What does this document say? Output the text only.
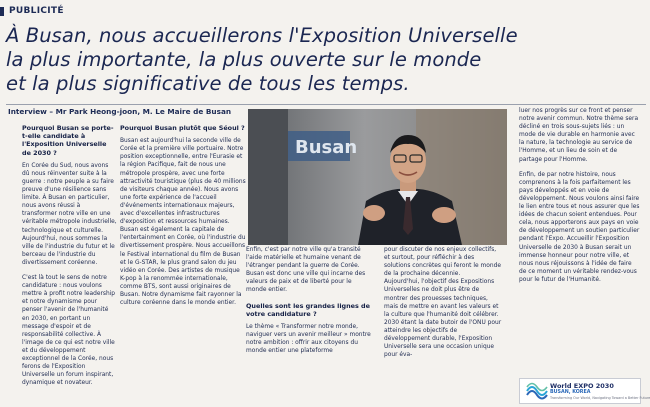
PUBLICITÉ
À Busan, nous accueillerons l'Exposition Universelle
la plus importante, la plus ouverte sur le monde
et la plus significative de tous les temps.
Interview – Mr Park Heong-joon, M. Le Maire de Busan

Pourquoi Busan se porte-t-elle candidate à l'Exposition Universelle de 2030 ?

En Corée du Sud, nous avons dû nous réinventer suite à la guerre : notre peuple a su faire preuve d'une résilience sans limite. À Busan en particulier, nous avons réussi à transformer notre ville en une véritable métropole industrielle, technologique et culturelle. Aujourd'hui, nous sommes la ville de l'industrie du futur et le berceau de l'industrie du divertissement coréenne.

C'est là tout le sens de notre candidature : nous voulons mettre à profit notre leadership et notre dynamisme pour penser l'avenir de l'humanité en 2030, en portant un message d'espoir et de responsabilité collective. À l'image de ce qui est notre ville et du développement exceptionnel de la Corée, nous ferons de l'Exposition Universelle un forum inspirant, dynamique et novateur.

Pourquoi Busan plutôt que Séoul ?

Busan est aujourd'hui la seconde ville de Corée et la première ville portuaire. Notre position exceptionnelle, entre l'Eurasie et la région Pacifique, fait de nous une métropole prospère, avec une forte attractivité touristique (plus de 40 millions de visiteurs chaque année). Nous avons une forte expérience de l'accueil d'événements internationaux majeurs, avec d'excellentes infrastructures d'exposition et ressources humaines.

Busan est également la capitale de l'entertainment en Corée, où l'industrie du divertissement prospère. Nous accueillons le Festival international du film de Busan et le G-STAR, le plus grand salon du jeu vidéo en Corée. Des artistes de musique K-pop à la renommée internationale, comme BTS, sont aussi originaires de Busan. Notre dynamisme fait rayonner la culture coréenne dans le monde entier.

Busan

Enfin, c'est par notre ville qu'a transité l'aide matérielle et humaine venant de l'étranger pendant la guerre de Corée. Busan est donc une ville qui incarne des valeurs de paix et de liberté pour le monde entier.

Quelles sont les grandes lignes de votre candidature ?

Le thème « Transformer notre monde, naviguer vers un avenir meilleur » montre notre ambition : offrir aux citoyens du monde entier une plateforme

pour discuter de nos enjeux collectifs, et surtout, pour réfléchir à des solutions concrètes qui feront le monde de la prochaine décennie.

Aujourd'hui, l'objectif des Expositions Universelles ne doit plus être de montrer des prouesses techniques, mais de mettre en avant les valeurs et la culture que l'humanité doit célébrer. 2030 étant la date butoir de l'ONU pour atteindre les objectifs de développement durable, l'Exposition Universelle sera une occasion unique pour éva-

luer nos progrès sur ce front et penser notre avenir commun. Notre thème sera décliné en trois sous-sujets liés : un mode de vie durable en harmonie avec la nature, la technologie au service de l'Homme, et un lieu de soin et de partage pour l'Homme.

Enfin, de par notre histoire, nous comprenons à la fois parfaitement les pays développés et en voie de développement. Nous voulons ainsi faire le lien entre tous et nous assurer que les idées de chacun soient entendues. Pour cela, nous apporterons aux pays en voie de développement un soutien particulier pendant l'Expo. Accueillir l'Exposition Universelle de 2030 à Busan serait un immense honneur pour notre ville, et nous nous réjouissons à l'idée de faire de ce moment un véritable rendez-vous pour le futur de l'Humanité.

World EXPO 2030
BUSAN, KOREA
Transforming Our World, Navigating Toward a Better Future
